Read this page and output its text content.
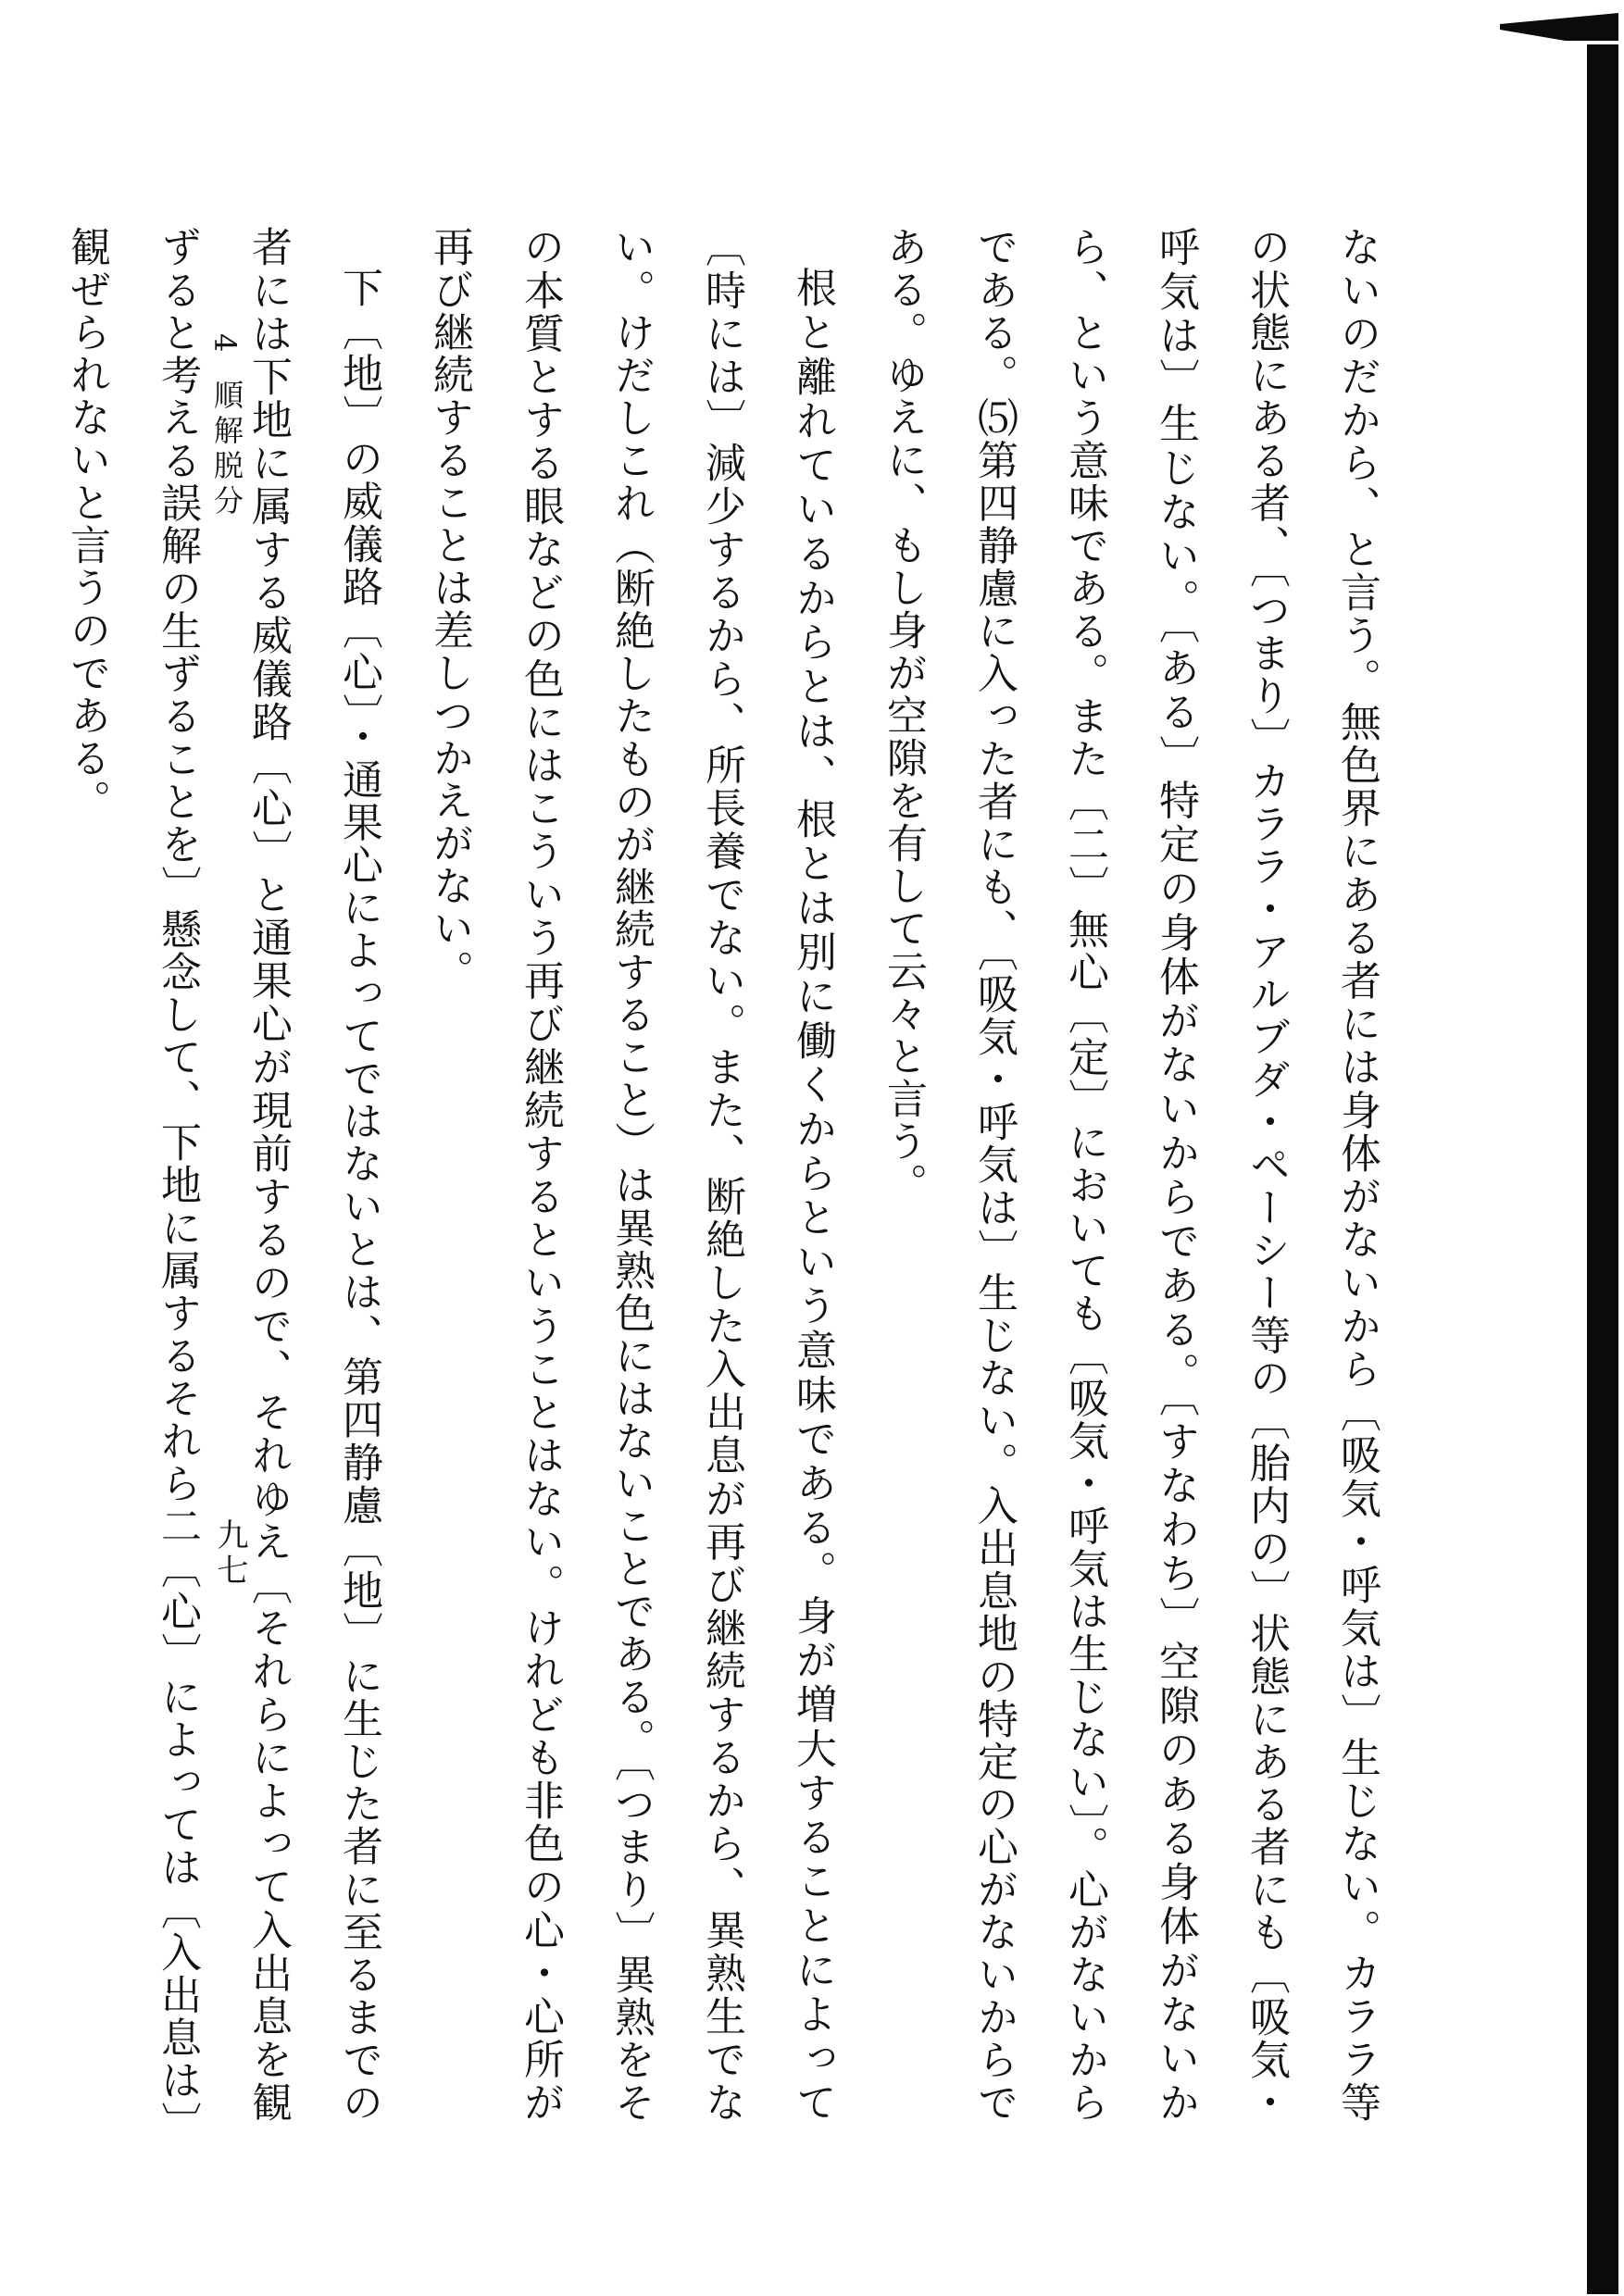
ないのだから、と言う。無色界にある者には身体がないから〔吸気・呼気は〕生じない。カララ等の状態にある者、〔つまり〕カララ・アルブダ・ペーシー等の〔胎内の〕状態にある者にも〔吸気・呼気は〕生じない。〔ある〕特定の身体がないからである。〔すなわち〕空隙のある身体がないから、という意味である。また〔二〕無心〔定〕においても〔吸気・呼気は生じない〕。心がないからである。⑸第四静慮に入った者にも、〔吸気・呼気は〕生じない。入出息地の特定の心がないからである。ゆえに、もし身が空隙を有して云々と言う。

根と離れているからとは、根とは別に働くからという意味である。身が増大することによって〔時には〕減少するから、所長養でない。また、断絶した入出息が再び継続するから、異熟生でない。けだしこれ（断絶したものが継続すること）は異熟色にはないことである。〔つまり〕異熟をその本質とする眼などの色にはこういう再び継続するということはない。けれども非色の心・心所が再び継続することは差しつかえがない。

下〔地〕の威儀路〔心〕・通果心によってではないとは、第四静慮〔地〕に生じた者に至るまでの者には下地に属する威儀路〔心〕と通果心が現前するので、それゆえ〔それらによって入出息を観ずると考える誤解の生ずることを〕懸念して、下地に属するそれら二〔心〕によっては〔入出息は〕観ぜられないと言うのである。

九七
4
順解脱分
